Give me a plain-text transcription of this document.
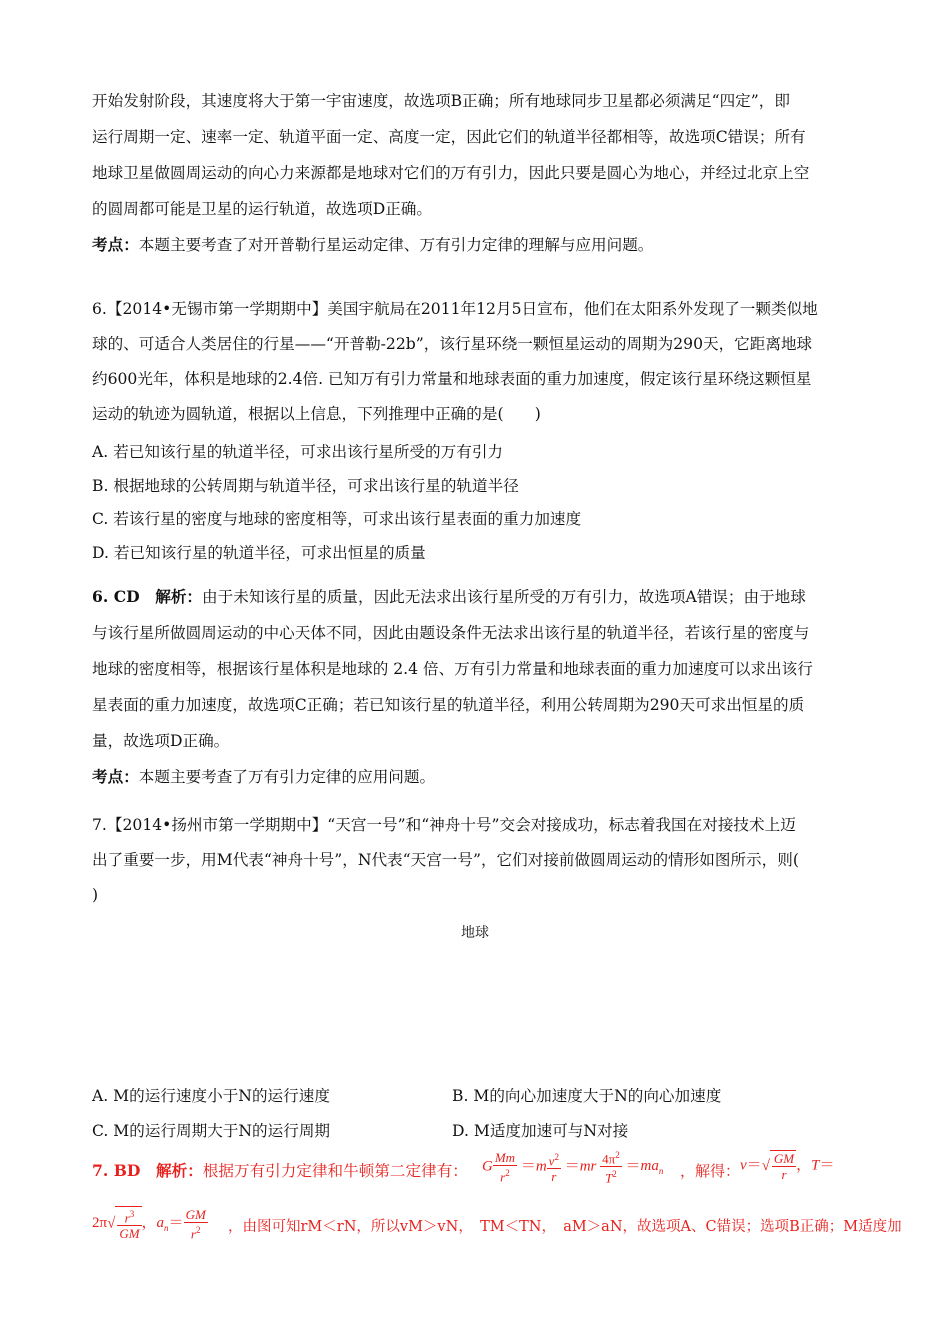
开始发射阶段，其速度将大于第一宇宙速度，故选项B正确；所有地球同步卫星都必须满足“四定”，即
运行周期一定、速率一定、轨道平面一定、高度一定，因此它们的轨道半径都相等，故选项C错误；所有
地球卫星做圆周运动的向心力来源都是地球对它们的万有引力，因此只要是圆心为地心，并经过北京上空
的圆周都可能是卫星的运行轨道，故选项D正确。
考点：本题主要考查了对开普勒行星运动定律、万有引力定律的理解与应用问题。
6.【2014•无锡市第一学期期中】美国宇航局在2011年12月5日宣布，他们在太阳系外发现了一颗类似地
球的、可适合人类居住的行星——“开普勒-22b”，该行星环绕一颗恒星运动的周期为290天，它距离地球
约600光年，体积是地球的2.4倍. 已知万有引力常量和地球表面的重力加速度，假定该行星环绕这颗恒星
运动的轨迹为圆轨道，根据以上信息，下列推理中正确的是(　　)
A. 若已知该行星的轨道半径，可求出该行星所受的万有引力
B. 根据地球的公转周期与轨道半径，可求出该行星的轨道半径
C. 若该行星的密度与地球的密度相等，可求出该行星表面的重力加速度
D. 若已知该行星的轨道半径，可求出恒星的质量
6. CD　解析：由于未知该行星的质量，因此无法求出该行星所受的万有引力，故选项A错误；由于地球
与该行星所做圆周运动的中心天体不同，因此由题设条件无法求出该行星的轨道半径，若该行星的密度与
地球的密度相等，根据该行星体积是地球的 2.4 倍、万有引力常量和地球表面的重力加速度可以求出该行
星表面的重力加速度，故选项C正确；若已知该行星的轨道半径，利用公转周期为290天可求出恒星的质
量，故选项D正确。
考点：本题主要考查了万有引力定律的应用问题。
7.【2014•扬州市第一学期期中】“天宫一号”和“神舟十号”交会对接成功，标志着我国在对接技术上迈
出了重要一步，用M代表“神舟十号”，N代表“天宫一号”，它们对接前做圆周运动的情形如图所示，则(
)
地球
A. M的运行速度小于N的运行速度	B. M的向心加速度大于N的向心加速度
C. M的运行周期大于N的运行周期	D. M适度加速可与N对接
7. BD　解析：根据万有引力定律和牛顿第二定律有： G $\frac{Mm}{r^2} =m \frac{v^2}{r} =mr \frac{4\pi^2}{T^2} =ma_n$ ，解得： $v=√ \frac{GM}{r}$ ，T＝
$2\pi√ \frac{r^3}{GM}$ ，$a_n= \frac{GM}{r^2}$ ，由图可知rM＜rN，所以vM＞vN，　TM＜TN，　aM＞aN，故选项A、C错误；选项B正确；M适度加
